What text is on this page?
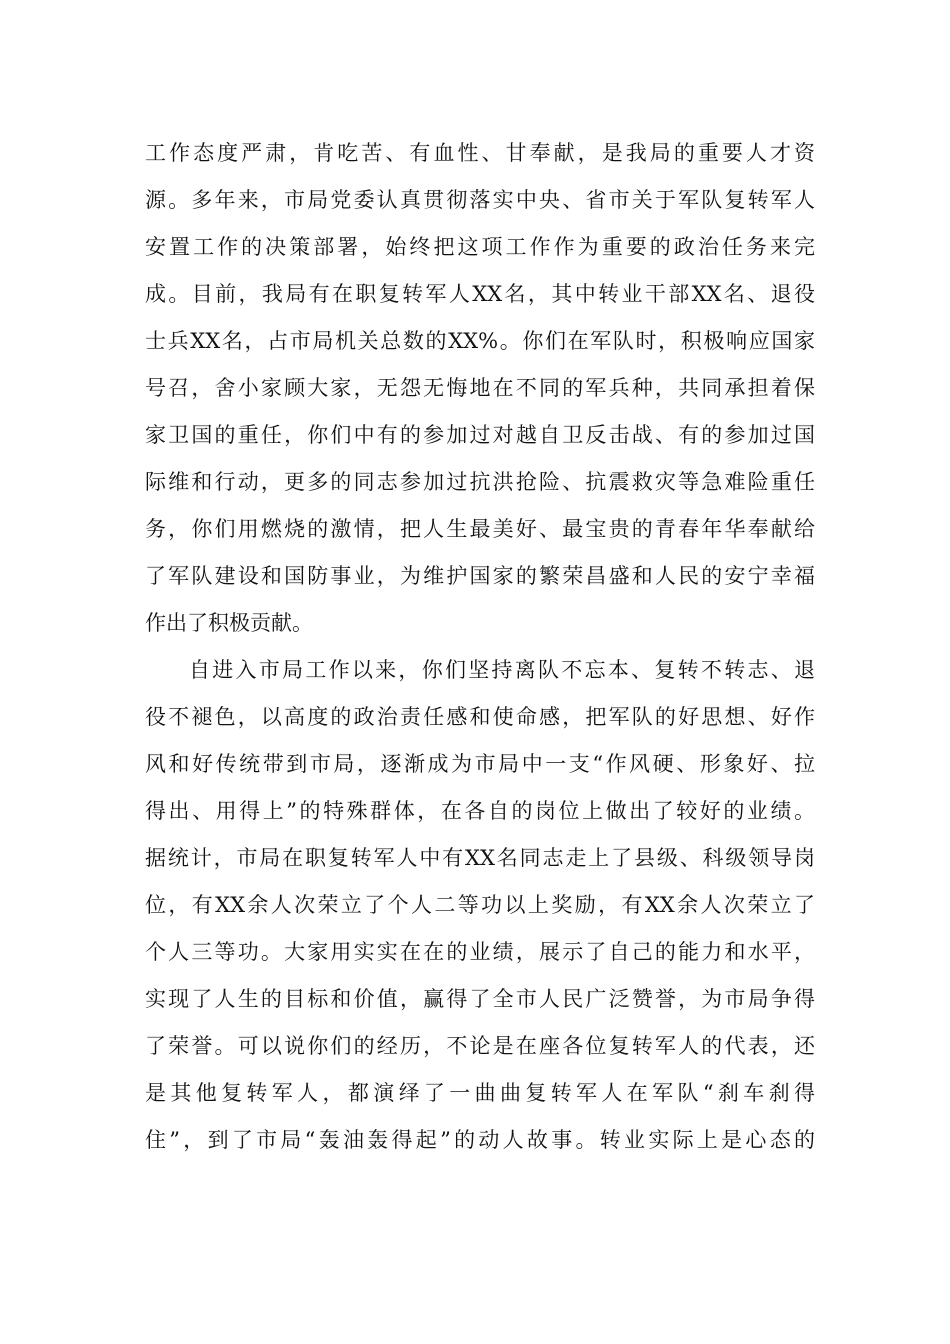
工作态度严肃，肯吃苦、有血性、甘奉献，是我局的重要人才资
源。多年来，市局党委认真贯彻落实中央、省市关于军队复转军人
安置工作的决策部署，始终把这项工作作为重要的政治任务来完
成。目前，我局有在职复转军人XX名，其中转业干部XX名、退役
士兵XX名，占市局机关总数的XX%。你们在军队时，积极响应国家
号召，舍小家顾大家，无怨无悔地在不同的军兵种，共同承担着保
家卫国的重任，你们中有的参加过对越自卫反击战、有的参加过国
际维和行动，更多的同志参加过抗洪抢险、抗震救灾等急难险重任
务，你们用燃烧的激情，把人生最美好、最宝贵的青春年华奉献给
了军队建设和国防事业，为维护国家的繁荣昌盛和人民的安宁幸福
作出了积极贡献。
自进入市局工作以来，你们坚持离队不忘本、复转不转志、退
役不褪色，以高度的政治责任感和使命感，把军队的好思想、好作
风和好传统带到市局，逐渐成为市局中一支“作风硬、形象好、拉
得出、用得上”的特殊群体，在各自的岗位上做出了较好的业绩。
据统计，市局在职复转军人中有XX名同志走上了县级、科级领导岗
位，有XX余人次荣立了个人二等功以上奖励，有XX余人次荣立了
个人三等功。大家用实实在在的业绩，展示了自己的能力和水平，
实现了人生的目标和价值，赢得了全市人民广泛赞誉，为市局争得
了荣誉。可以说你们的经历，不论是在座各位复转军人的代表，还
是其他复转军人，都演绎了一曲曲复转军人在军队“刹车刹得
住”，到了市局“轰油轰得起”的动人故事。转业实际上是心态的
